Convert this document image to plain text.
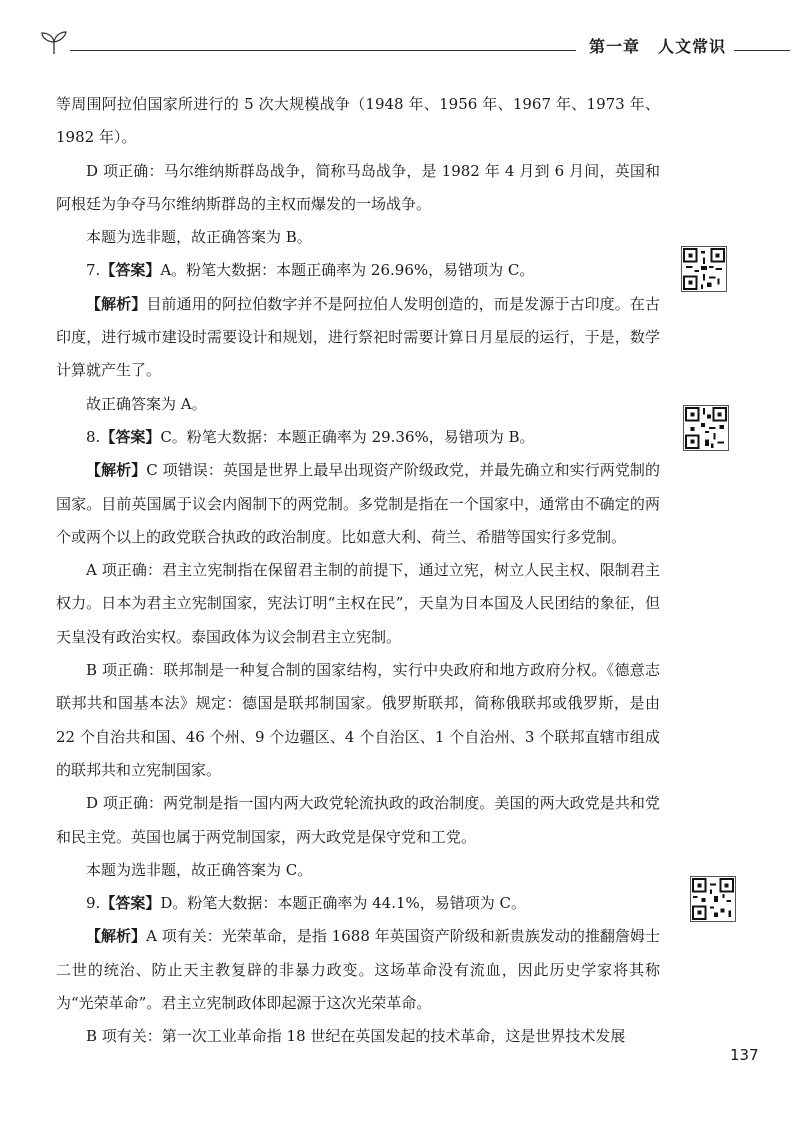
第一章 人文常识

等周围阿拉伯国家所进行的 5 次大规模战争（1948 年、1956 年、1967 年、1973 年、1982 年）。

D 项正确：马尔维纳斯群岛战争，简称马岛战争，是 1982 年 4 月到 6 月间，英国和阿根廷为争夺马尔维纳斯群岛的主权而爆发的一场战争。

本题为选非题，故正确答案为 B。

7.【答案】A。粉笔大数据：本题正确率为 26.96%，易错项为 C。

【解析】目前通用的阿拉伯数字并不是阿拉伯人发明创造的，而是发源于古印度。在古印度，进行城市建设时需要设计和规划，进行祭祀时需要计算日月星辰的运行，于是，数学计算就产生了。

故正确答案为 A。

8.【答案】C。粉笔大数据：本题正确率为 29.36%，易错项为 B。

【解析】C 项错误：英国是世界上最早出现资产阶级政党，并最先确立和实行两党制的国家。目前英国属于议会内阁制下的两党制。多党制是指在一个国家中，通常由不确定的两个或两个以上的政党联合执政的政治制度。比如意大利、荷兰、希腊等国实行多党制。

A 项正确：君主立宪制指在保留君主制的前提下，通过立宪，树立人民主权、限制君主权力。日本为君主立宪制国家，宪法订明“主权在民”，天皇为日本国及人民团结的象征，但天皇没有政治实权。泰国政体为议会制君主立宪制。

B 项正确：联邦制是一种复合制的国家结构，实行中央政府和地方政府分权。《德意志联邦共和国基本法》规定：德国是联邦制国家。俄罗斯联邦，简称俄联邦或俄罗斯，是由 22 个自治共和国、46 个州、9 个边疆区、4 个自治区、1 个自治州、3 个联邦直辖市组成的联邦共和立宪制国家。

D 项正确：两党制是指一国内两大政党轮流执政的政治制度。美国的两大政党是共和党和民主党。英国也属于两党制国家，两大政党是保守党和工党。

本题为选非题，故正确答案为 C。

9.【答案】D。粉笔大数据：本题正确率为 44.1%，易错项为 C。

【解析】A 项有关：光荣革命，是指 1688 年英国资产阶级和新贵族发动的推翻詹姆士二世的统治、防止天主教复辟的非暴力政变。这场革命没有流血，因此历史学家将其称为“光荣革命”。君主立宪制政体即起源于这次光荣革命。

B 项有关：第一次工业革命指 18 世纪在英国发起的技术革命，这是世界技术发展

137
